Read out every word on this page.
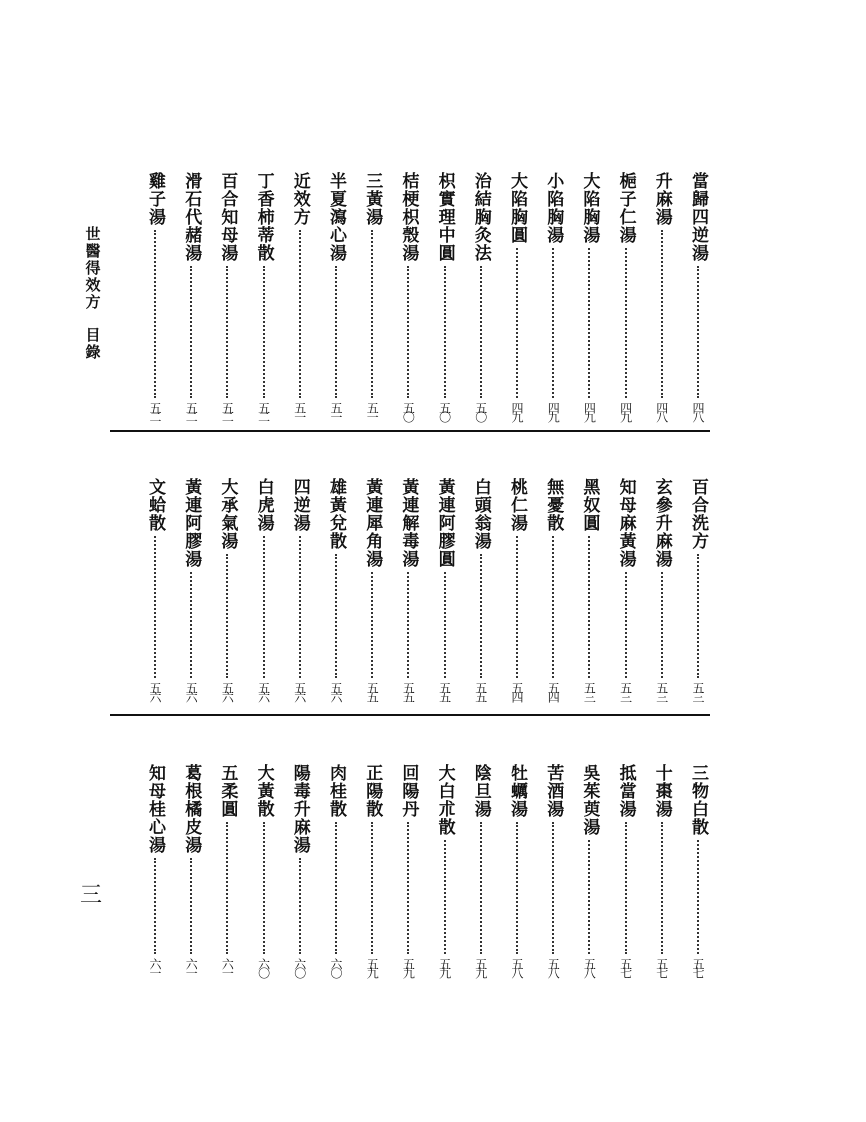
世醫得效方
目錄
當歸四逆湯
四八
升麻湯
四八
梔子仁湯
四九
大陷胸湯
四九
小陷胸湯
四九
大陷胸圓
四九
治結胸灸法
五〇
枳實理中圓
五〇
桔梗枳殼湯
五〇
三黃湯
五一
半夏瀉心湯
五一
近效方
五一
丁香柿蒂散
五二
百合知母湯
五二
滑石代赭湯
五二
雞子湯
五二
百合洗方
五三
玄參升麻湯
五三
知母麻黃湯
五三
黑奴圓
五三
無憂散
五四
桃仁湯
五四
白頭翁湯
五五
黃連阿膠圓
五五
黃連解毒湯
五五
黃連犀角湯
五五
雄黃兌散
五六
四逆湯
五六
白虎湯
五六
大承氣湯
五六
黃連阿膠湯
五六
文蛤散
五六
三物白散
五七
十棗湯
五七
抵當湯
五七
吳茱萸湯
五八
苦酒湯
五八
牡蠣湯
五八
陰旦湯
五九
大白朮散
五九
回陽丹
五九
正陽散
五九
肉桂散
六〇
陽毒升麻湯
六〇
大黃散
六〇
五柔圓
六一
葛根橘皮湯
六一
知母桂心湯
六一
三
